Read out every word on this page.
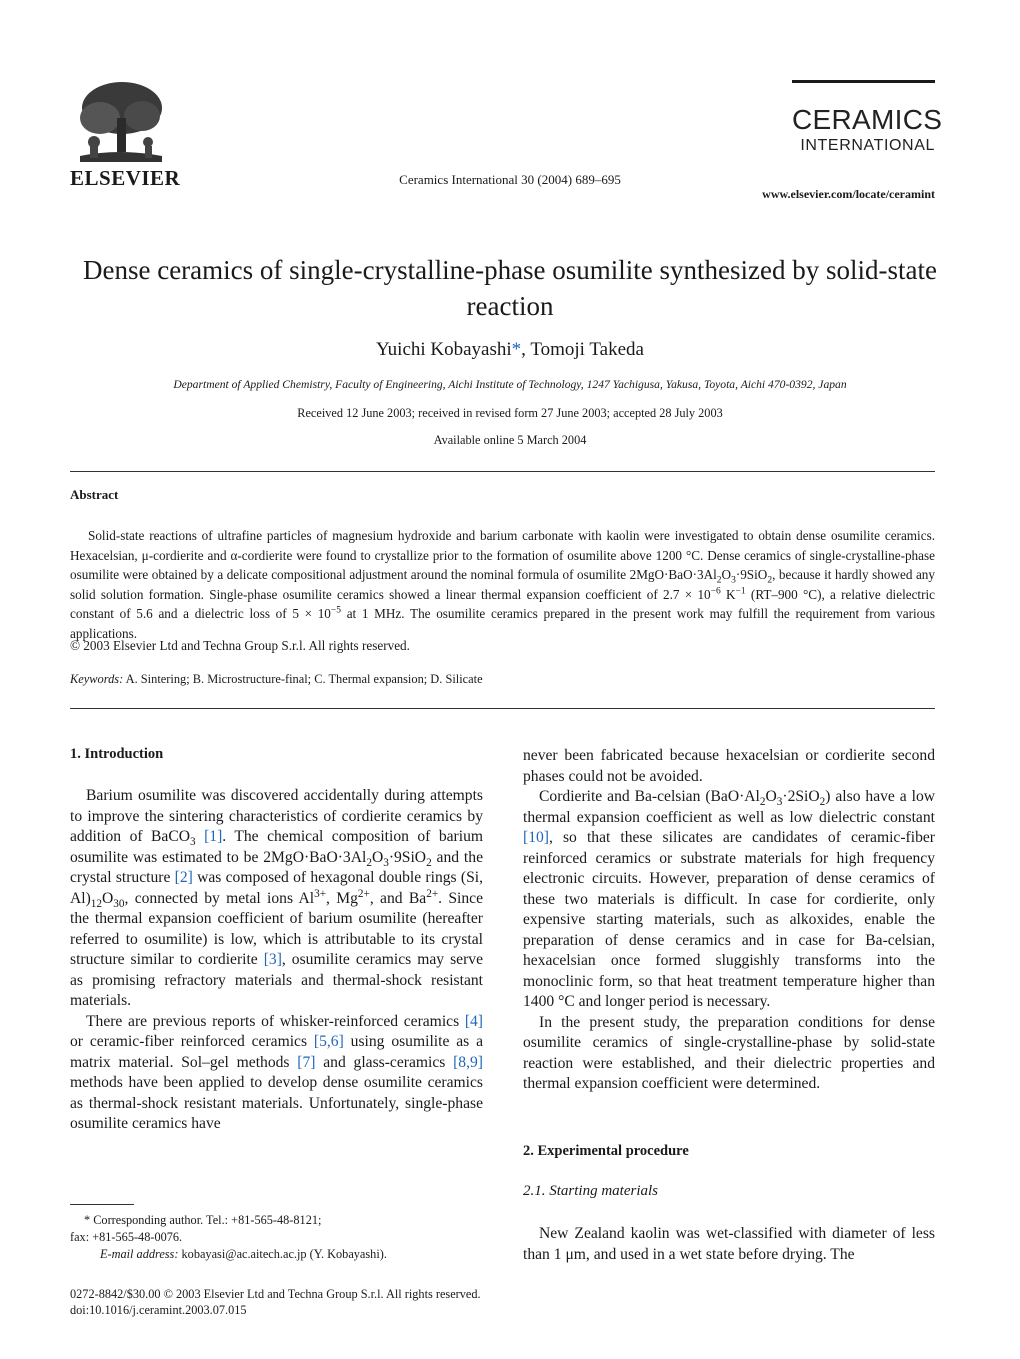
ELSEVIER	Ceramics International 30 (2004) 689–695
CERAMICS
INTERNATIONAL
www.elsevier.com/locate/ceramint
Dense ceramics of single-crystalline-phase osumilite synthesized by solid-state reaction
Yuichi Kobayashi*, Tomoji Takeda
Department of Applied Chemistry, Faculty of Engineering, Aichi Institute of Technology, 1247 Yachigusa, Yakusa, Toyota, Aichi 470-0392, Japan
Received 12 June 2003; received in revised form 27 June 2003; accepted 28 July 2003
Available online 5 March 2004
Abstract

Solid-state reactions of ultrafine particles of magnesium hydroxide and barium carbonate with kaolin were investigated to obtain dense osumilite ceramics. Hexacelsian, μ-cordierite and α-cordierite were found to crystallize prior to the formation of osumilite above 1200 °C. Dense ceramics of single-crystalline-phase osumilite were obtained by a delicate compositional adjustment around the nominal formula of osumilite $2MgO\cdot BaO\cdot 3Al_2O_3\cdot 9SiO_2$, because it hardly showed any solid solution formation. Single-phase osumilite ceramics showed a linear thermal expansion coefficient of $2.7 \times 10^{-6}$ $K^{-1}$ (RT–900 °C), a relative dielectric constant of 5.6 and a dielectric loss of $5 \times 10^{-5}$ at 1 MHz. The osumilite ceramics prepared in the present work may fulfill the requirement from various applications.

© 2003 Elsevier Ltd and Techna Group S.r.l. All rights reserved.
Keywords: A. Sintering; B. Microstructure-final; C. Thermal expansion; D. Silicate
1. Introduction

Barium osumilite was discovered accidentally during attempts to improve the sintering characteristics of cordierite ceramics by addition of BaCO$_3$ [1]. The chemical composition of barium osumilite was estimated to be $2MgO\cdot BaO\cdot 3Al_2O_3\cdot 9SiO_2$ and the crystal structure [2] was composed of hexagonal double rings (Si, $Al)_{12}O_{30}$, connected by metal ions $Al^{3+}$, $Mg^{2+}$, and $Ba^{2+}$. Since the thermal expansion coefficient of barium osumilite (hereafter referred to osumilite) is low, which is attributable to its crystal structure similar to cordierite [3], osumilite ceramics may serve as promising refractory materials and thermal-shock resistant materials.

There are previous reports of whisker-reinforced ceramics [4] or ceramic-fiber reinforced ceramics [5,6] using osumilite as a matrix material. Sol–gel methods [7] and glass-ceramics [8,9] methods have been applied to develop dense osumilite ceramics as thermal-shock resistant materials. Unfortunately, single-phase osumilite ceramics have

* Corresponding author. Tel.: +81-565-48-8121;
fax: +81-565-48-0076.
E-mail address: kobayasi@ac.aitech.ac.jp (Y. Kobayashi).

never been fabricated because hexacelsian or cordierite second phases could not be avoided.

Cordierite and Ba-celsian $(BaO\cdot Al_2O_3\cdot 2SiO_2)$ also have a low thermal expansion coefficient as well as low dielectric constant [10], so that these silicates are candidates of ceramic-fiber reinforced ceramics or substrate materials for high frequency electronic circuits. However, preparation of dense ceramics of these two materials is difficult. In case for cordierite, only expensive starting materials, such as alkoxides, enable the preparation of dense ceramics and in case for Ba-celsian, hexacelsian once formed sluggishly transforms into the monoclinic form, so that heat treatment temperature higher than 1400 °C and longer period is necessary.

In the present study, the preparation conditions for dense osumilite ceramics of single-crystalline-phase by solid-state reaction were established, and their dielectric properties and thermal expansion coefficient were determined.

2. Experimental procedure
2.1. Starting materials

New Zealand kaolin was wet-classified with diameter of less than 1 μm, and used in a wet state before drying. The

0272-8842/$30.00 © 2003 Elsevier Ltd and Techna Group S.r.l. All rights reserved.
doi:10.1016/j.ceramint.2003.07.015
